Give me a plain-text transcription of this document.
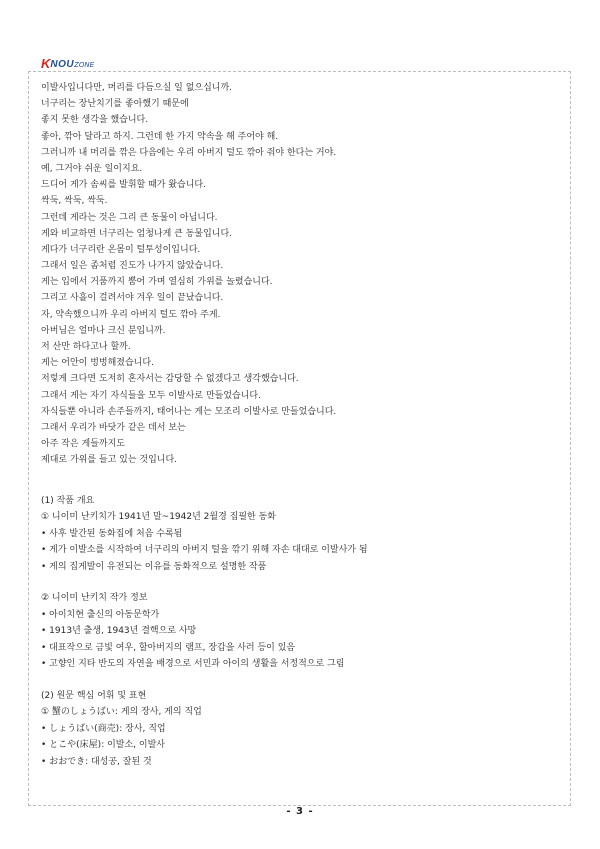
K NOU ZONE
이발사입니다만, 머리를 다듬으실 일 없으십니까.
너구리는 장난치기를 좋아했기 때문에
좋지 못한 생각을 했습니다.
좋아, 깎아 달라고 하지. 그런데 한 가지 약속을 해 주어야 해.
그러니까 내 머리를 깎은 다음에는 우리 아버지 털도 깎아 줘야 한다는 거야.
예, 그거야 쉬운 일이지요.
드디어 게가 솜씨를 발휘할 때가 왔습니다.
싹둑, 싹둑, 싹둑.
그런데 게라는 것은 그리 큰 동물이 아닙니다.
게와 비교하면 너구리는 엄청나게 큰 동물입니다.
게다가 너구리란 온몸이 털투성이입니다.
그래서 일은 좀처럼 진도가 나가지 않았습니다.
게는 입에서 거품까지 뿜어 가며 열심히 가위를 놀렸습니다.
그리고 사흘이 걸려서야 겨우 일이 끝났습니다.
자, 약속했으니까 우리 아버지 털도 깎아 주게.
아버님은 얼마나 크신 분입니까.
저 산만 하다고나 할까.
게는 어안이 벙벙해졌습니다.
저렇게 크다면 도저히 혼자서는 감당할 수 없겠다고 생각했습니다.
그래서 게는 자기 자식들을 모두 이발사로 만들었습니다.
자식들뿐 아니라 손주들까지, 태어나는 게는 모조리 이발사로 만들었습니다.
그래서 우리가 바닷가 같은 데서 보는
아주 작은 게들까지도
제대로 가위를 들고 있는 것입니다.
(1) 작품 개요
① 니이미 난키치가 1941년 말~1942년 2월경 집필한 동화
• 사후 발간된 동화집에 처음 수록됨
• 게가 이발소를 시작하여 너구리의 아버지 털을 깎기 위해 자손 대대로 이발사가 됨
• 게의 집게발이 유전되는 이유를 동화적으로 설명한 작품
② 니이미 난키치 작가 정보
• 아이치현 출신의 아동문학가
• 1913년 출생, 1943년 결핵으로 사망
• 대표작으로 금빛 여우, 할아버지의 램프, 장갑을 사러 등이 있음
• 고향인 지타 반도의 자연을 배경으로 서민과 아이의 생활을 서정적으로 그림
(2) 원문 핵심 어휘 및 표현
① 蟹のしょうばい: 게의 장사, 게의 직업
• しょうばい(商売): 장사, 직업
• とこや(床屋): 이발소, 이발사
• おおでき: 대성공, 잘된 것
- 3 -
